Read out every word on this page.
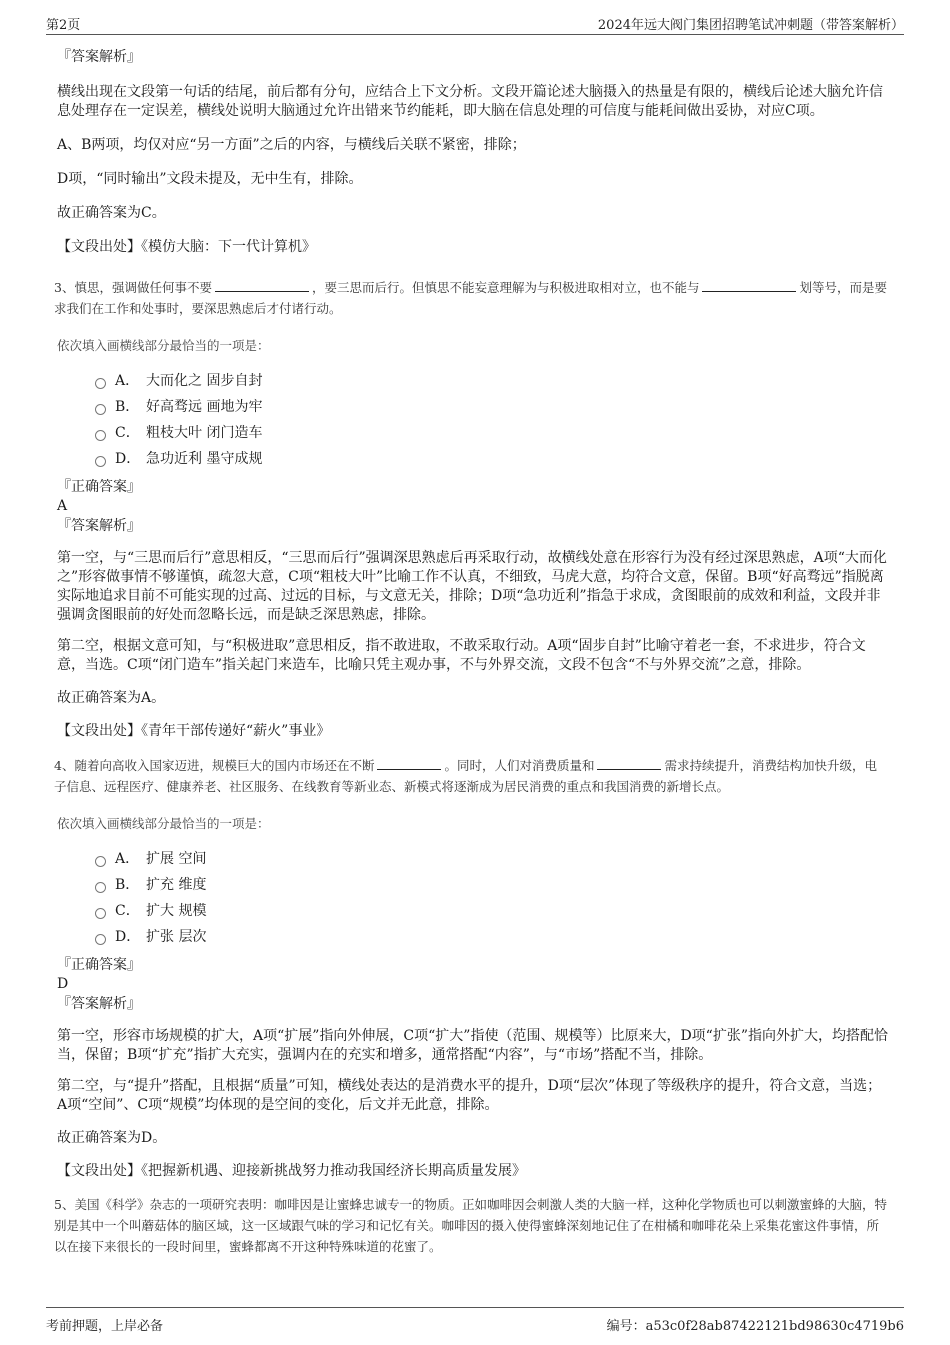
第2页	2024年远大阀门集团招聘笔试冲刺题（带答案解析）

『答案解析』

横线出现在文段第一句话的结尾，前后都有分句，应结合上下文分析。文段开篇论述大脑摄入的热量是有限的，横线后论述大脑允许信息处理存在一定误差，横线处说明大脑通过允许出错来节约能耗，即大脑在信息处理的可信度与能耗间做出妥协，对应C项。

A、B两项，均仅对应“另一方面”之后的内容，与横线后关联不紧密，排除；

D项，“同时输出”文段未提及，无中生有，排除。

故正确答案为C。

【文段出处】《模仿大脑：下一代计算机》

3、慎思，强调做任何事不要	，要三思而后行。但慎思不能妄意理解为与积极进取相对立，也不能与	划等号，而是要求我们在工作和处事时，要深思熟虑后才付诸行动。

依次填入画横线部分最恰当的一项是：

A． 大而化之 固步自封
B． 好高骛远 画地为牢
C． 粗枝大叶 闭门造车
D． 急功近利 墨守成规

『正确答案』

A

『答案解析』

第一空，与“三思而后行”意思相反，“三思而后行”强调深思熟虑后再采取行动，故横线处意在形容行为没有经过深思熟虑，A项“大而化之”形容做事情不够谨慎，疏忽大意，C项“粗枝大叶”比喻工作不认真，不细致，马虎大意，均符合文意，保留。B项“好高骛远”指脱离实际地追求目前不可能实现的过高、过远的目标，与文意无关，排除；D项“急功近利”指急于求成，贪图眼前的成效和利益，文段并非强调贪图眼前的好处而忽略长远，而是缺乏深思熟虑，排除。

第二空，根据文意可知，与“积极进取”意思相反，指不敢进取，不敢采取行动。A项“固步自封”比喻守着老一套，不求进步，符合文意，当选。C项“闭门造车”指关起门来造车，比喻只凭主观办事，不与外界交流，文段不包含“不与外界交流”之意，排除。

故正确答案为A。

【文段出处】《青年干部传递好“薪火”事业》

4、随着向高收入国家迈进，规模巨大的国内市场还在不断	。同时，人们对消费质量和	需求持续提升，消费结构加快升级，电子信息、远程医疗、健康养老、社区服务、在线教育等新业态、新模式将逐渐成为居民消费的重点和我国消费的新增长点。

依次填入画横线部分最恰当的一项是：

A． 扩展 空间
B． 扩充 维度
C． 扩大 规模
D． 扩张 层次

『正确答案』

D

『答案解析』

第一空，形容市场规模的扩大，A项“扩展”指向外伸展，C项“扩大”指使（范围、规模等）比原来大，D项“扩张”指向外扩大，均搭配恰当，保留；B项“扩充”指扩大充实，强调内在的充实和增多，通常搭配“内容”，与“市场”搭配不当，排除。

第二空，与“提升”搭配，且根据“质量”可知，横线处表达的是消费水平的提升，D项“层次”体现了等级秩序的提升，符合文意，当选；A项“空间”、C项“规模”均体现的是空间的变化，后文并无此意，排除。

故正确答案为D。

【文段出处】《把握新机遇、迎接新挑战努力推动我国经济长期高质量发展》

5、美国《科学》杂志的一项研究表明：咖啡因是让蜜蜂忠诚专一的物质。正如咖啡因会刺激人类的大脑一样，这种化学物质也可以刺激蜜蜂的大脑，特别是其中一个叫蘑菇体的脑区域，这一区域跟气味的学习和记忆有关。咖啡因的摄入使得蜜蜂深刻地记住了在柑橘和咖啡花朵上采集花蜜这件事情，所以在接下来很长的一段时间里，蜜蜂都离不开这种特殊味道的花蜜了。

考前押题，上岸必备	编号：a53c0f28ab87422121bd98630c4719b6
